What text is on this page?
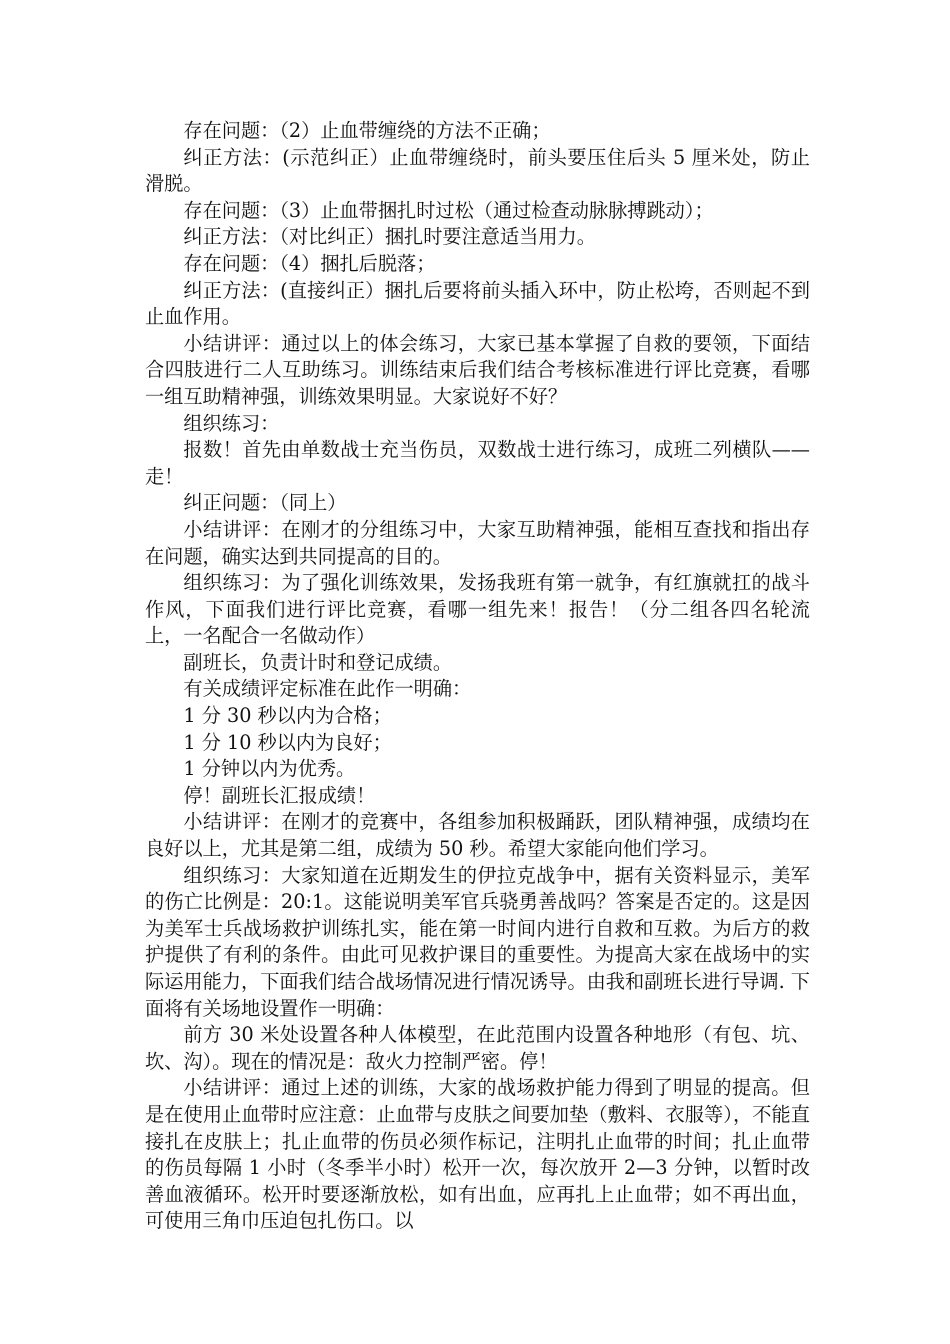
存在问题：（2）止血带缠绕的方法不正确；

纠正方法：(示范纠正）止血带缠绕时，前头要压住后头 5 厘米处，防止滑脱。

存在问题：（3）止血带捆扎时过松（通过检查动脉脉搏跳动）；

纠正方法：（对比纠正）捆扎时要注意适当用力。

存在问题：（4）捆扎后脱落；

纠正方法：(直接纠正）捆扎后要将前头插入环中，防止松垮，否则起不到止血作用。

小结讲评：通过以上的体会练习，大家已基本掌握了自救的要领，下面结合四肢进行二人互助练习。训练结束后我们结合考核标准进行评比竞赛，看哪一组互助精神强，训练效果明显。大家说好不好？

组织练习：

报数！首先由单数战士充当伤员，双数战士进行练习，成班二列横队——走！

纠正问题：（同上）

小结讲评：在刚才的分组练习中，大家互助精神强，能相互查找和指出存在问题，确实达到共同提高的目的。

组织练习：为了强化训练效果，发扬我班有第一就争，有红旗就扛的战斗作风，下面我们进行评比竞赛，看哪一组先来！报告！（分二组各四名轮流上，一名配合一名做动作）

副班长，负责计时和登记成绩。

有关成绩评定标准在此作一明确：

1 分 30 秒以内为合格；

1 分 10 秒以内为良好；

1 分钟以内为优秀。

停！副班长汇报成绩！

小结讲评：在刚才的竞赛中，各组参加积极踊跃，团队精神强，成绩均在良好以上，尤其是第二组，成绩为 50 秒。希望大家能向他们学习。

组织练习：大家知道在近期发生的伊拉克战争中，据有关资料显示，美军的伤亡比例是：20:1。这能说明美军官兵骁勇善战吗？答案是否定的。这是因为美军士兵战场救护训练扎实，能在第一时间内进行自救和互救。为后方的救护提供了有利的条件。由此可见救护课目的重要性。为提高大家在战场中的实际运用能力，下面我们结合战场情况进行情况诱导。由我和副班长进行导调. 下面将有关场地设置作一明确：

前方 30 米处设置各种人体模型，在此范围内设置各种地形（有包、坑、坎、沟）。现在的情况是：敌火力控制严密。停！

小结讲评：通过上述的训练，大家的战场救护能力得到了明显的提高。但是在使用止血带时应注意：止血带与皮肤之间要加垫（敷料、衣服等），不能直接扎在皮肤上；扎止血带的伤员必须作标记，注明扎止血带的时间；扎止血带的伤员每隔 1 小时（冬季半小时）松开一次，每次放开 2—3 分钟，以暂时改善血液循环。松开时要逐渐放松，如有出血，应再扎上止血带；如不再出血，可使用三角巾压迫包扎伤口。以
